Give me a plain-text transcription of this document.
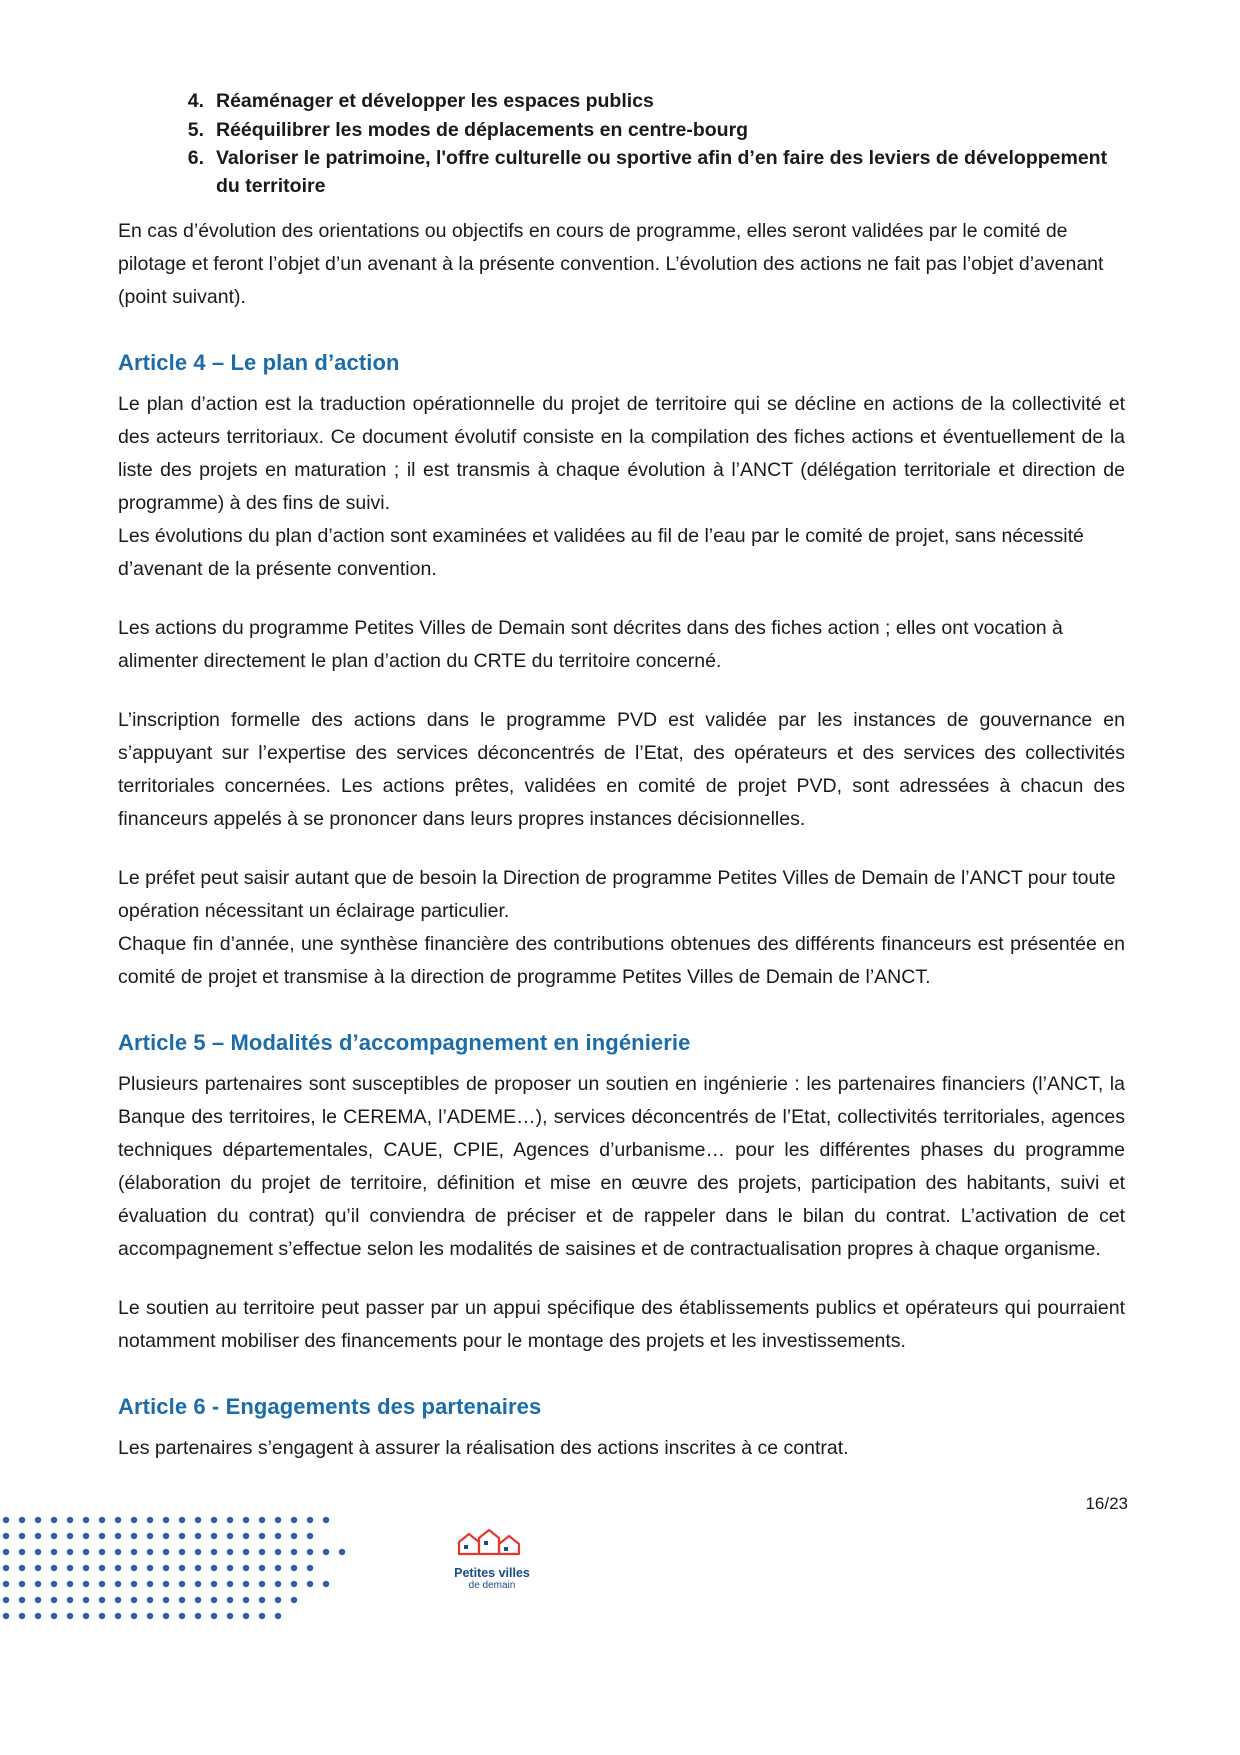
4. Réaménager et développer les espaces publics
5. Rééquilibrer les modes de déplacements en centre-bourg
6. Valoriser le patrimoine, l'offre culturelle ou sportive afin d’en faire des leviers de développement du territoire

En cas d’évolution des orientations ou objectifs en cours de programme, elles seront validées par le comité de pilotage et feront l’objet d’un avenant à la présente convention. L’évolution des actions ne fait pas l’objet d’avenant (point suivant).

Article 4 – Le plan d’action

Le plan d’action est la traduction opérationnelle du projet de territoire qui se décline en actions de la collectivité et des acteurs territoriaux. Ce document évolutif consiste en la compilation des fiches actions et éventuellement de la liste des projets en maturation ; il est transmis à chaque évolution à l’ANCT (délégation territoriale et direction de programme) à des fins de suivi.

Les évolutions du plan d’action sont examinées et validées au fil de l’eau par le comité de projet, sans nécessité d’avenant de la présente convention.

Les actions du programme Petites Villes de Demain sont décrites dans des fiches action ; elles ont vocation à alimenter directement le plan d’action du CRTE du territoire concerné.

L’inscription formelle des actions dans le programme PVD est validée par les instances de gouvernance en s’appuyant sur l’expertise des services déconcentrés de l’Etat, des opérateurs et des services des collectivités territoriales concernées. Les actions prêtes, validées en comité de projet PVD, sont adressées à chacun des financeurs appelés à se prononcer dans leurs propres instances décisionnelles.

Le préfet peut saisir autant que de besoin la Direction de programme Petites Villes de Demain de l’ANCT pour toute opération nécessitant un éclairage particulier.

Chaque fin d’année, une synthèse financière des contributions obtenues des différents financeurs est présentée en comité de projet et transmise à la direction de programme Petites Villes de Demain de l’ANCT.

Article 5 – Modalités d’accompagnement en ingénierie

Plusieurs partenaires sont susceptibles de proposer un soutien en ingénierie : les partenaires financiers (l’ANCT, la Banque des territoires, le CEREMA, l’ADEME…), services déconcentrés de l’Etat, collectivités territoriales, agences techniques départementales, CAUE, CPIE, Agences d’urbanisme… pour les différentes phases du programme (élaboration du projet de territoire, définition et mise en œuvre des projets, participation des habitants, suivi et évaluation du contrat) qu’il conviendra de préciser et de rappeler dans le bilan du contrat. L’activation de cet accompagnement s’effectue selon les modalités de saisines et de contractualisation propres à chaque organisme.

Le soutien au territoire peut passer par un appui spécifique des établissements publics et opérateurs qui pourraient notamment mobiliser des financements pour le montage des projets et les investissements.

Article 6 - Engagements des partenaires

Les partenaires s’engagent à assurer la réalisation des actions inscrites à ce contrat.

16/23
Petites villes
de demain
